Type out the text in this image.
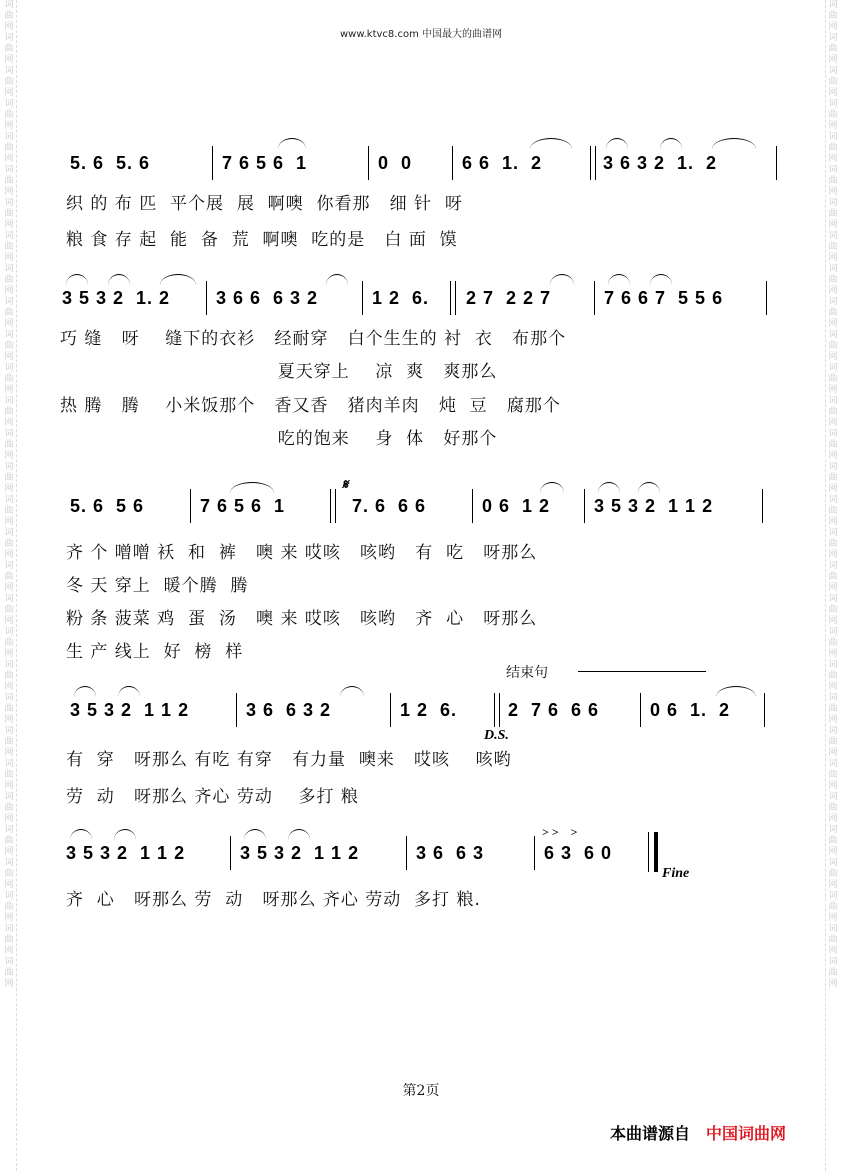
词曲网词曲网词曲网词曲网词曲网词曲网词曲网词曲网词曲网词曲网词曲网词曲网词曲网词曲网词曲网词曲网词曲网词曲网词曲网词曲网词曲网词曲网词曲网词曲网词曲网词曲网词曲网词曲网词曲网词曲网
词曲网词曲网词曲网词曲网词曲网词曲网词曲网词曲网词曲网词曲网词曲网词曲网词曲网词曲网词曲网词曲网词曲网词曲网词曲网词曲网词曲网词曲网词曲网词曲网词曲网词曲网词曲网词曲网词曲网词曲网
www.ktvc8.com 中国最大的曲谱网
5. 6  5. 6	7 6 5 6  1	0  0	6 6  1.  2	3 6 3 2  1.  2
织 的 布 匹  平个展  展  啊噢  你看那   细 针  呀
粮 食 存 起  能  备  荒  啊噢  吃的是   白 面  馍
3 5 3 2  1. 2	3 6 6  6 3 2	1 2  6. 2 7  2 2 7	7 6 6 7  5 5 6
巧 缝   呀    缝下的衣衫   经耐穿   白个生生的 衬  衣   布那个
夏天穿上    凉  爽   爽那么
热 腾   腾    小米饭那个   香又香   猪肉羊肉   炖  豆   腐那个
吃的饱来    身  体   好那个
5. 6  5 6	7 6 5 6  1
𝄋
7. 6  6 6	0 6  1 2 3 5 3 2  1 1 2
齐 个 噌噌 袄  和  裤   噢 来 哎咳   咳哟   有  吃   呀那么
冬 天 穿上  暖个腾  腾
粉 条 菠菜 鸡  蛋  汤   噢 来 哎咳   咳哟   齐  心   呀那么
生 产 线上  好  榜  样
结束句
3 5 3 2  1 1 2	3 6  6 3 2	1 2  6.
D.S.
2  7 6  6 6	0 6  1.  2
有  穿   呀那么 有吃 有穿   有力量  噢来   哎咳    咳哟
劳  动   呀那么 齐心 劳动    多打 粮
3 5 3 2  1 1 2	3 5 3 2  1 1 2	3 6  6 3
> >    >
6 3  6 0
Fine
齐  心   呀那么 劳  动   呀那么 齐心 劳动  多打 粮.
第2页
本曲谱源自 中国词曲网
